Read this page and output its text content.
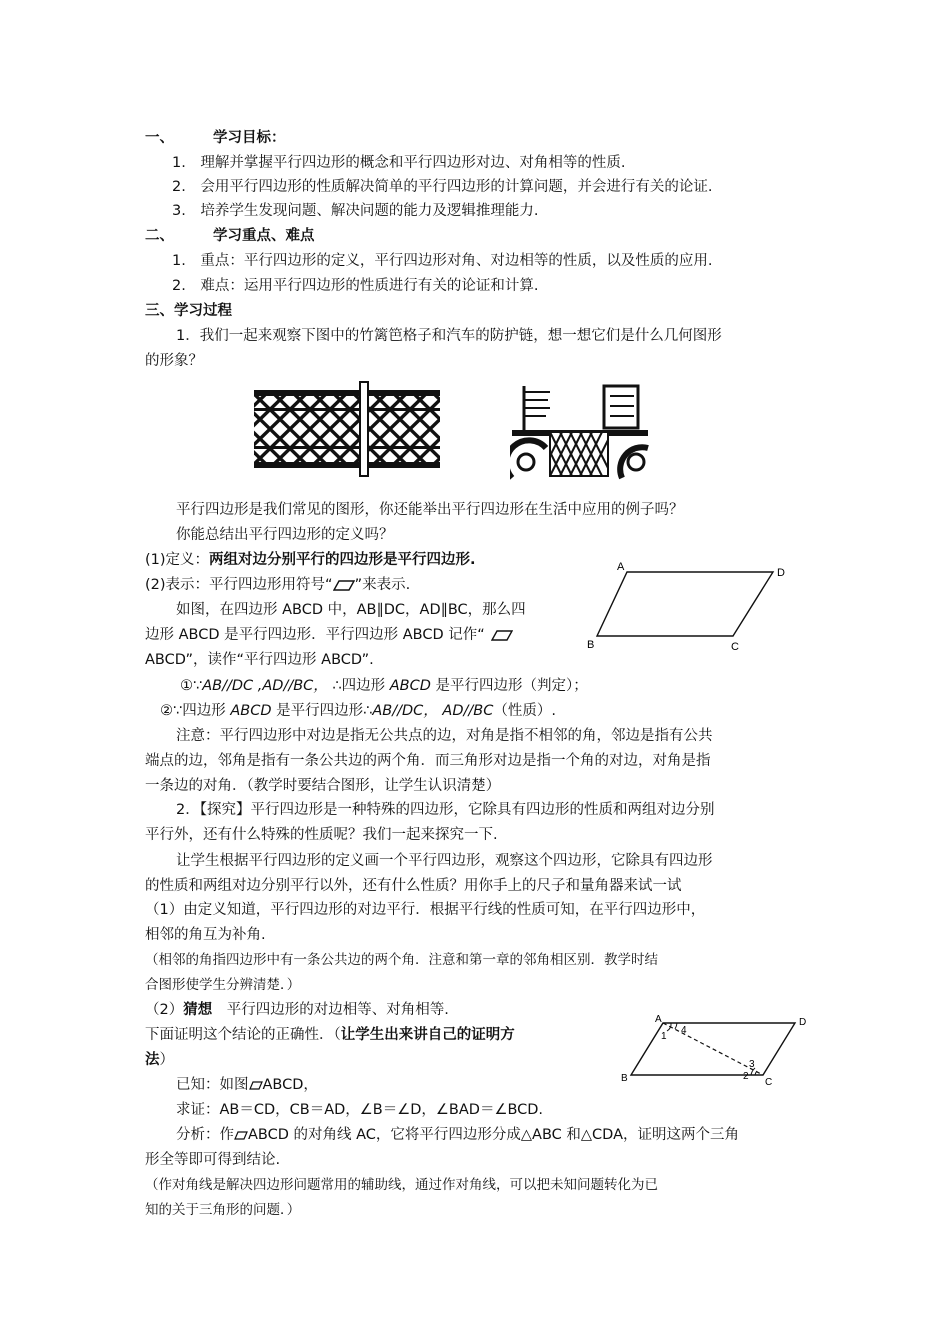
一、	学习目标：
1.　理解并掌握平行四边形的概念和平行四边形对边、对角相等的性质.
2.　会用平行四边形的性质解决简单的平行四边形的计算问题，并会进行有关的论证.
3.　培养学生发现问题、解决问题的能力及逻辑推理能力.
二、	学习重点、难点
1.　重点：平行四边形的定义，平行四边形对角、对边相等的性质，以及性质的应用.
2.　难点：运用平行四边形的性质进行有关的论证和计算.
三、学习过程
1．我们一起来观察下图中的竹篱笆格子和汽车的防护链，想一想它们是什么几何图形
的形象？
平行四边形是我们常见的图形，你还能举出平行四边形在生活中应用的例子吗？
你能总结出平行四边形的定义吗？
(1)定义：两组对边分别平行的四边形是平行四边形.
(2)表示：平行四边形用符号“ ”来表示.
如图，在四边形 ABCD 中，AB∥DC，AD∥BC，那么四
边形 ABCD 是平行四边形．平行四边形 ABCD 记作“
ABCD”，读作“平行四边形 ABCD”.
A	D
C
B
①∵AB//DC ,AD//BC， ∴四边形 ABCD 是平行四边形（判定）；
②∵四边形 ABCD 是平行四边形∴AB//DC， AD//BC（性质）.
注意：平行四边形中对边是指无公共点的边，对角是指不相邻的角，邻边是指有公共
端点的边，邻角是指有一条公共边的两个角．而三角形对边是指一个角的对边，对角是指
一条边的对角．（教学时要结合图形，让学生认识清楚）
2．【探究】平行四边形是一种特殊的四边形，它除具有四边形的性质和两组对边分别
平行外，还有什么特殊的性质呢？我们一起来探究一下.
让学生根据平行四边形的定义画一个平行四边形，观察这个四边形，它除具有四边形
的性质和两组对边分别平行以外，还有什么性质？用你手上的尺子和量角器来试一试
（1）由定义知道，平行四边形的对边平行．根据平行线的性质可知，在平行四边形中，
相邻的角互为补角.
（相邻的角指四边形中有一条公共边的两个角．注意和第一章的邻角相区别．教学时结
合图形使学生分辨清楚．）
（2）猜想　平行四边形的对边相等、对角相等.
下面证明这个结论的正确性．（让学生出来讲自己的证明方
法）
A	D
C
B
1
4
3
2
已知：如图 ABCD，
求证：AB＝CD，CB＝AD，∠B＝∠D，∠BAD＝∠BCD.
分析：作 ABCD 的对角线 AC，它将平行四边形分成△ABC 和△CDA，证明这两个三角
形全等即可得到结论.
（作对角线是解决四边形问题常用的辅助线，通过作对角线，可以把未知问题转化为已
知的关于三角形的问题．）
